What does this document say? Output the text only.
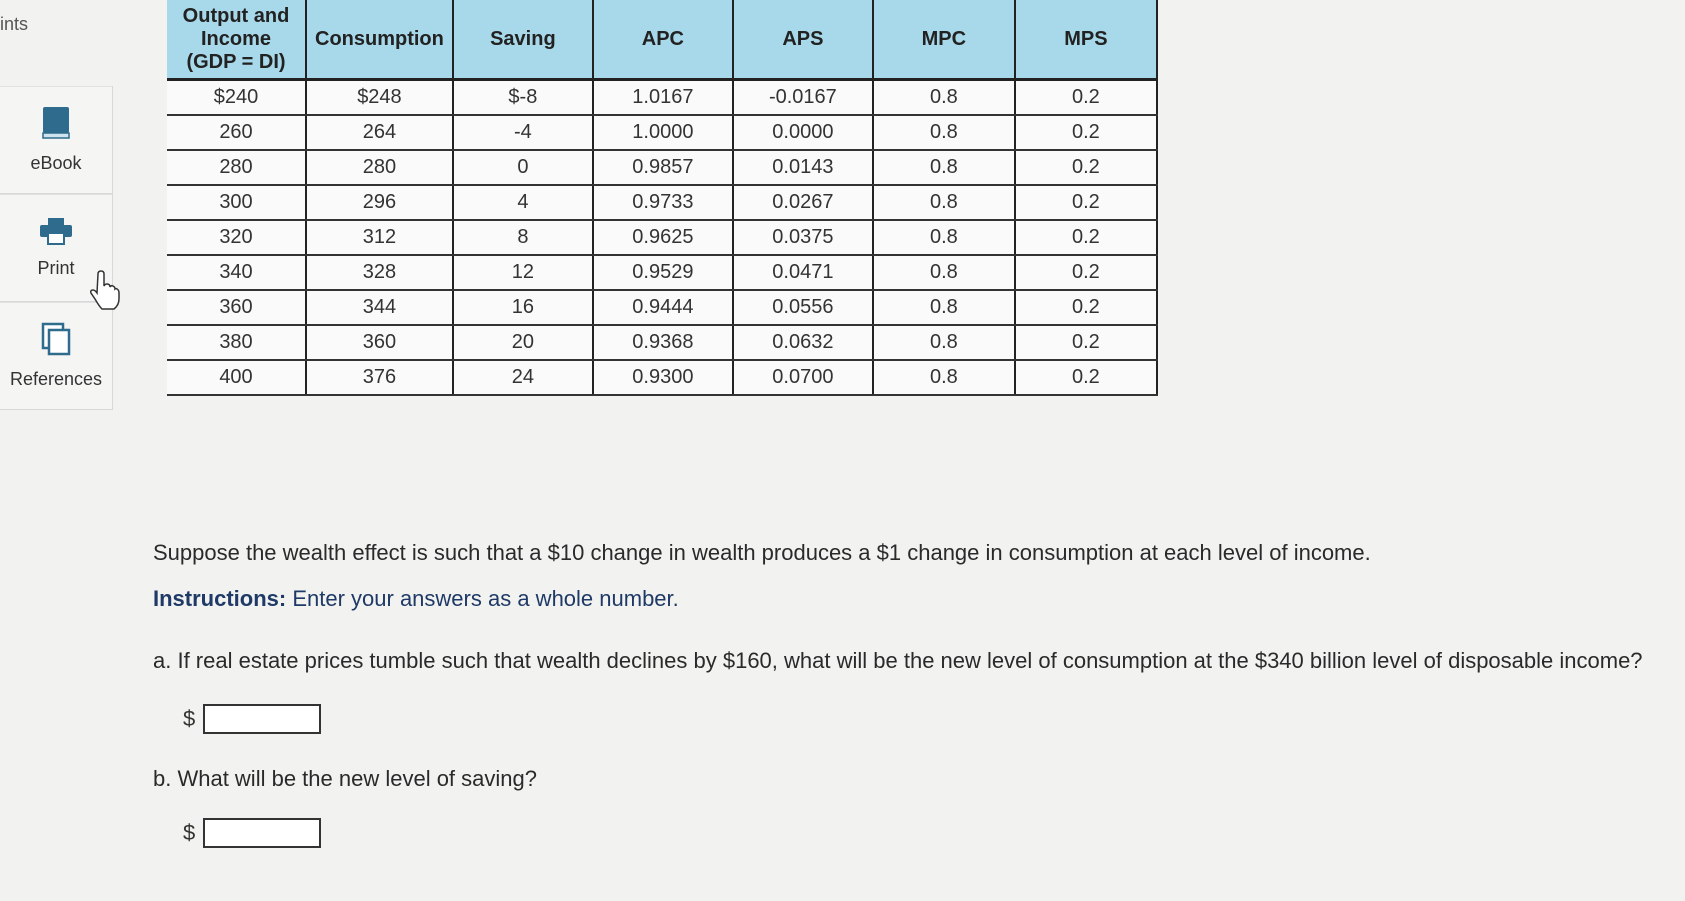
ints
eBook
Print
References
Output and Income (GDP = DI)	Consumption	Saving	APC	APS	MPC	MPS
$240	$248	$-8	1.0167	-0.0167	0.8	0.2
260	264	-4	1.0000	0.0000	0.8	0.2
280	280	0	0.9857	0.0143	0.8	0.2
300	296	4	0.9733	0.0267	0.8	0.2
320	312	8	0.9625	0.0375	0.8	0.2
340	328	12	0.9529	0.0471	0.8	0.2
360	344	16	0.9444	0.0556	0.8	0.2
380	360	20	0.9368	0.0632	0.8	0.2
400	376	24	0.9300	0.0700	0.8	0.2

Suppose the wealth effect is such that a $10 change in wealth produces a $1 change in consumption at each level of income.

Instructions: Enter your answers as a whole number.

a. If real estate prices tumble such that wealth declines by $160, what will be the new level of consumption at the $340 billion level of disposable income?

$

b. What will be the new level of saving?

$
